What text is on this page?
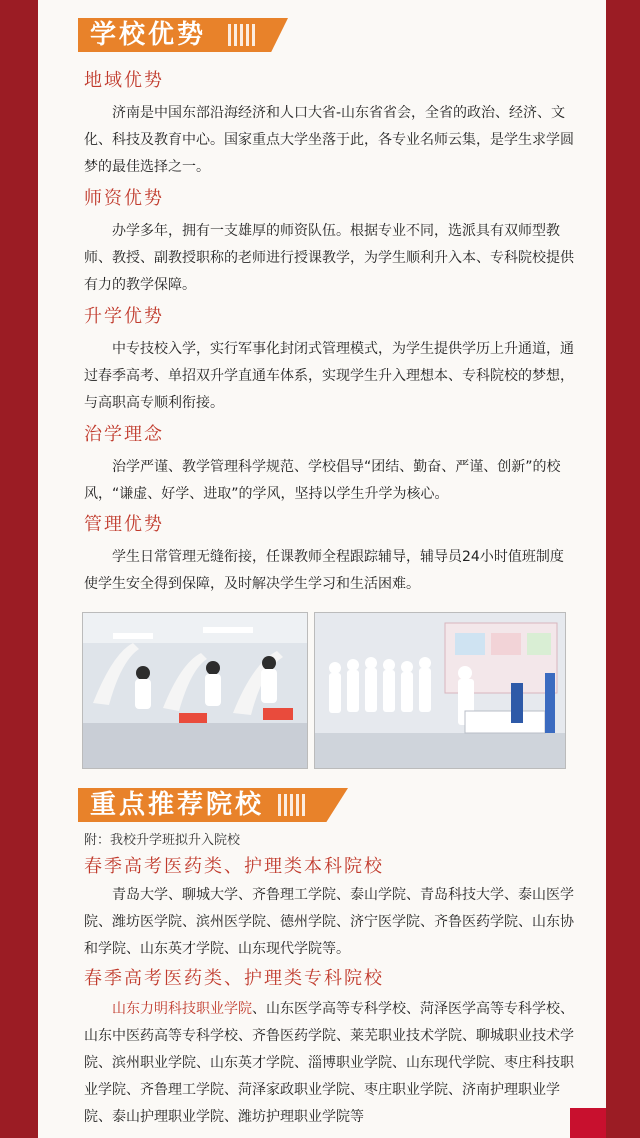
学校优势
地域优势
济南是中国东部沿海经济和人口大省-山东省省会，全省的政治、经济、文化、科技及教育中心。国家重点大学坐落于此，各专业名师云集，是学生求学圆梦的最佳选择之一。
师资优势
办学多年，拥有一支雄厚的师资队伍。根据专业不同，选派具有双师型教师、教授、副教授职称的老师进行授课教学，为学生顺利升入本、专科院校提供有力的教学保障。
升学优势
中专技校入学，实行军事化封闭式管理模式，为学生提供学历上升通道，通过春季高考、单招双升学直通车体系，实现学生升入理想本、专科院校的梦想，与高职高专顺利衔接。
治学理念
治学严谨、教学管理科学规范、学校倡导“团结、勤奋、严谨、创新”的校风，“谦虚、好学、进取”的学风，坚持以学生升学为核心。
管理优势
学生日常管理无缝衔接，任课教师全程跟踪辅导，辅导员24小时值班制度使学生安全得到保障，及时解决学生学习和生活困难。
重点推荐院校
附：我校升学班拟升入院校
春季高考医药类、护理类本科院校
青岛大学、聊城大学、齐鲁理工学院、泰山学院、青岛科技大学、泰山医学院、潍坊医学院、滨州医学院、德州学院、济宁医学院、齐鲁医药学院、山东协和学院、山东英才学院、山东现代学院等。
春季高考医药类、护理类专科院校
山东力明科技职业学院、山东医学高等专科学校、菏泽医学高等专科学校、山东中医药高等专科学校、齐鲁医药学院、莱芜职业技术学院、聊城职业技术学院、滨州职业学院、山东英才学院、淄博职业学院、山东现代学院、枣庄科技职业学院、齐鲁理工学院、菏泽家政职业学院、枣庄职业学院、济南护理职业学院、泰山护理职业学院、潍坊护理职业学院等
